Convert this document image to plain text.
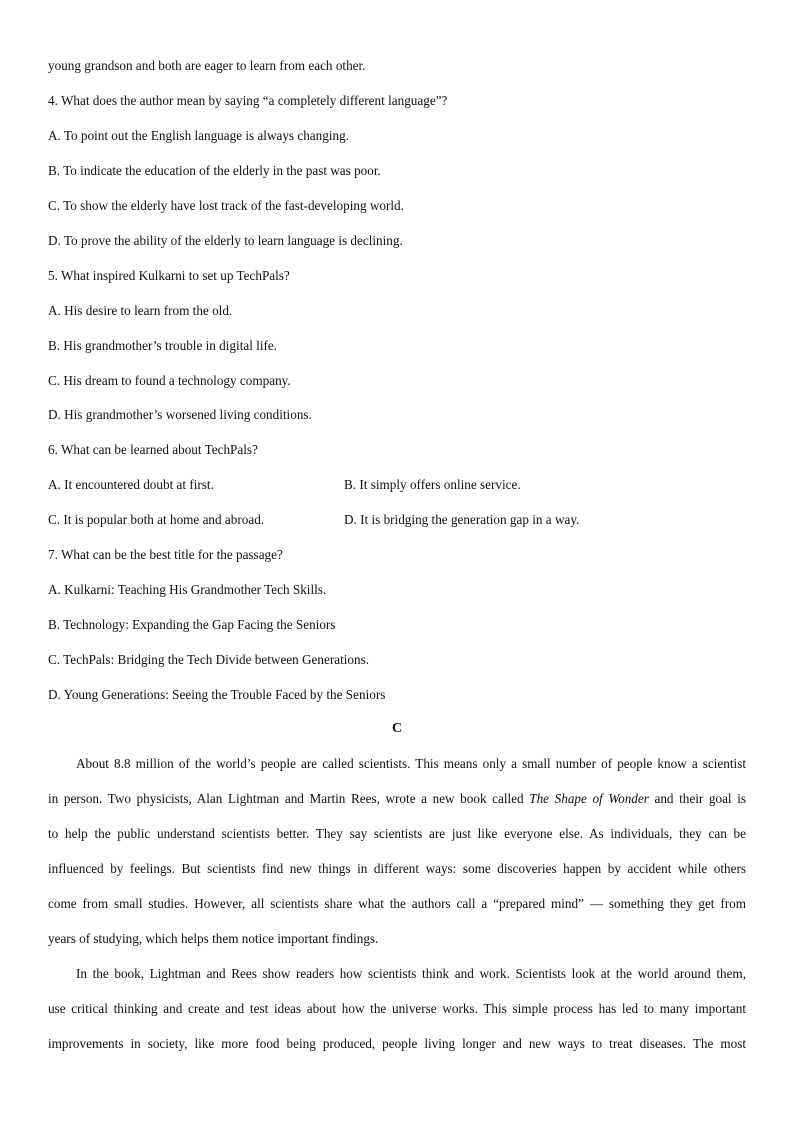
young grandson and both are eager to learn from each other.
4. What does the author mean by saying “a completely different language”?
A. To point out the English language is always changing.
B. To indicate the education of the elderly in the past was poor.
C. To show the elderly have lost track of the fast-developing world.
D. To prove the ability of the elderly to learn language is declining.
5. What inspired Kulkarni to set up TechPals?
A. His desire to learn from the old.
B. His grandmother’s trouble in digital life.
C. His dream to found a technology company.
D. His grandmother’s worsened living conditions.
6. What can be learned about TechPals?
A. It encountered doubt at first.	B. It simply offers online service.
C. It is popular both at home and abroad.	D. It is bridging the generation gap in a way.
7. What can be the best title for the passage?
A. Kulkarni: Teaching His Grandmother Tech Skills.
B. Technology: Expanding the Gap Facing the Seniors
C. TechPals: Bridging the Tech Divide between Generations.
D. Young Generations: Seeing the Trouble Faced by the Seniors
C
About 8.8 million of the world’s people are called scientists. This means only a small number of people know a scientist
in person. Two physicists, Alan Lightman and Martin Rees, wrote a new book called The Shape of Wonder and their goal is
to help the public understand scientists better. They say scientists are just like everyone else. As individuals, they can be
influenced by feelings. But scientists find new things in different ways: some discoveries happen by accident while others
come from small studies. However, all scientists share what the authors call a “prepared mind” — something they get from
years of studying, which helps them notice important findings.
In the book, Lightman and Rees show readers how scientists think and work. Scientists look at the world around them,
use critical thinking and create and test ideas about how the universe works. This simple process has led to many important
improvements in society, like more food being produced, people living longer and new ways to treat diseases. The most
